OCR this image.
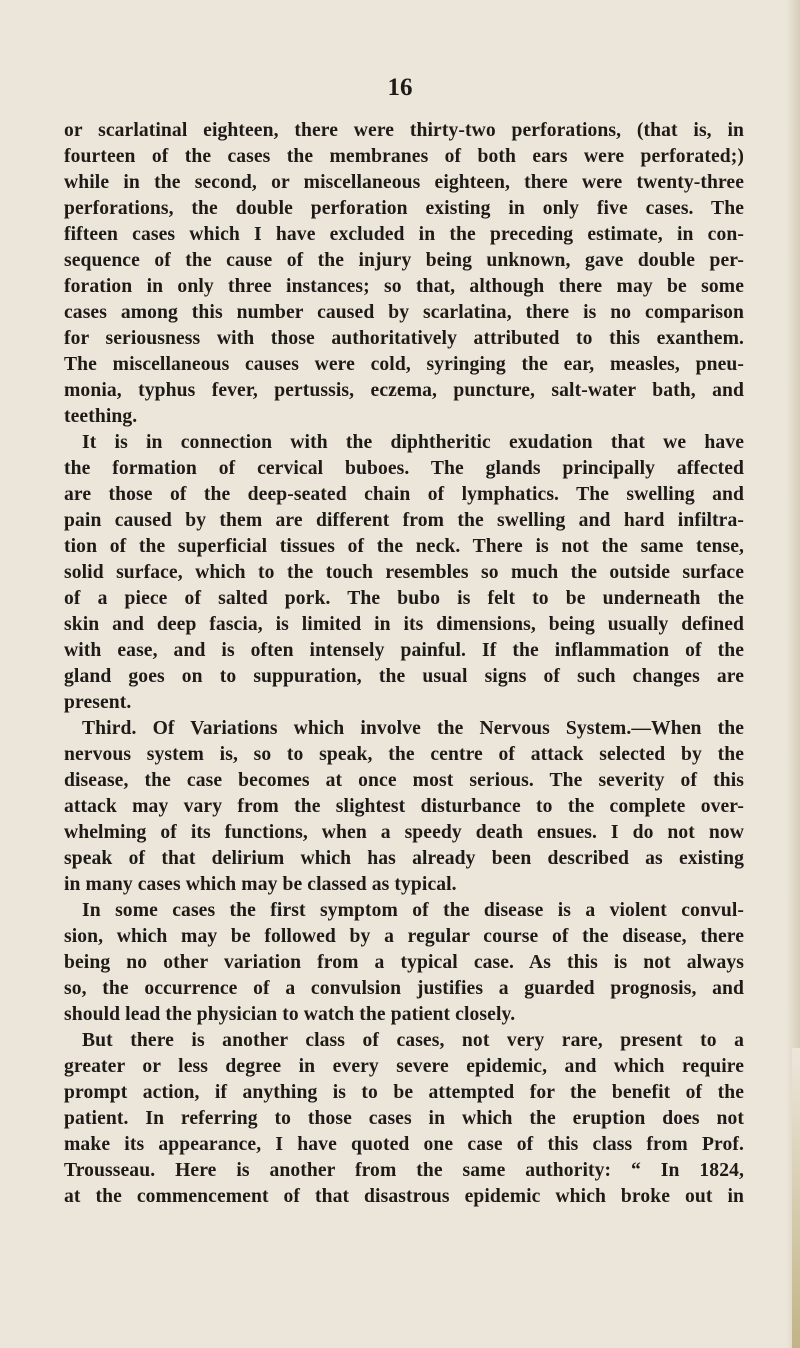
16
or scarlatinal eighteen, there were thirty-two perforations, (that is, in
fourteen of the cases the membranes of both ears were perforated;)
while in the second, or miscellaneous eighteen, there were twenty-three
perforations, the double perforation existing in only five cases. The
fifteen cases which I have excluded in the preceding estimate, in con-
sequence of the cause of the injury being unknown, gave double per-
foration in only three instances; so that, although there may be some
cases among this number caused by scarlatina, there is no comparison
for seriousness with those authoritatively attributed to this exanthem.
The miscellaneous causes were cold, syringing the ear, measles, pneu-
monia, typhus fever, pertussis, eczema, puncture, salt-water bath, and
teething.
It is in connection with the diphtheritic exudation that we have
the formation of cervical buboes. The glands principally affected
are those of the deep-seated chain of lymphatics. The swelling and
pain caused by them are different from the swelling and hard infiltra-
tion of the superficial tissues of the neck. There is not the same tense,
solid surface, which to the touch resembles so much the outside surface
of a piece of salted pork. The bubo is felt to be underneath the
skin and deep fascia, is limited in its dimensions, being usually defined
with ease, and is often intensely painful. If the inflammation of the
gland goes on to suppuration, the usual signs of such changes are
present.
Third. Of Variations which involve the Nervous System.—When the
nervous system is, so to speak, the centre of attack selected by the
disease, the case becomes at once most serious. The severity of this
attack may vary from the slightest disturbance to the complete over-
whelming of its functions, when a speedy death ensues. I do not now
speak of that delirium which has already been described as existing
in many cases which may be classed as typical.
In some cases the first symptom of the disease is a violent convul-
sion, which may be followed by a regular course of the disease, there
being no other variation from a typical case. As this is not always
so, the occurrence of a convulsion justifies a guarded prognosis, and
should lead the physician to watch the patient closely.
But there is another class of cases, not very rare, present to a
greater or less degree in every severe epidemic, and which require
prompt action, if anything is to be attempted for the benefit of the
patient. In referring to those cases in which the eruption does not
make its appearance, I have quoted one case of this class from Prof.
Trousseau. Here is another from the same authority: “ In 1824,
at the commencement of that disastrous epidemic which broke out in
